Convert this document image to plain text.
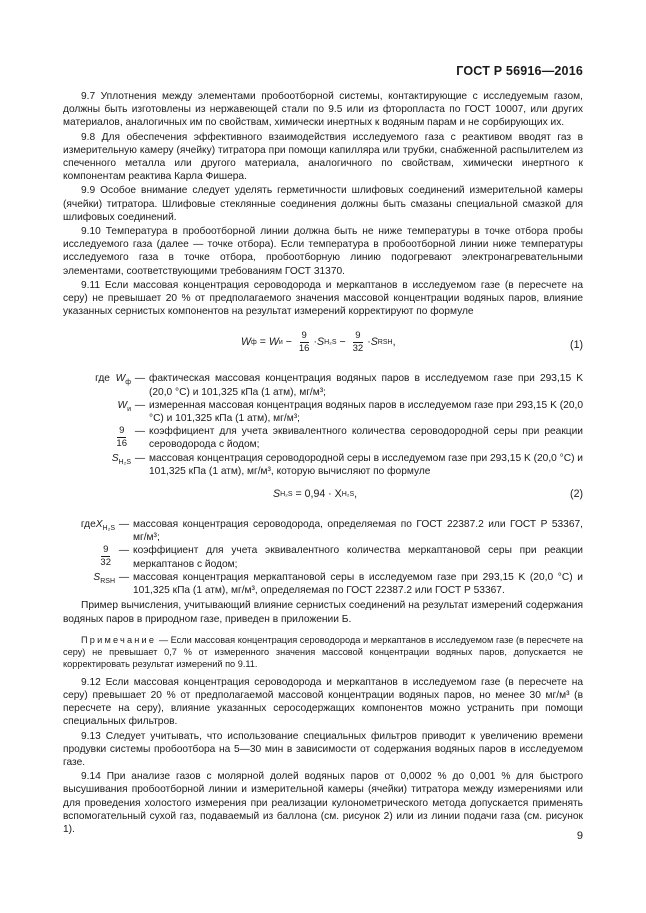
ГОСТ Р 56916—2016

9.7 Уплотнения между элементами пробоотборной системы, контактирующие с исследуемым газом, должны быть изготовлены из нержавеющей стали по 9.5 или из фторопласта по ГОСТ 10007, или других материалов, аналогичных им по свойствам, химически инертных к водяным парам и не сорбирующих их.

9.8 Для обеспечения эффективного взаимодействия исследуемого газа с реактивом вводят газ в измерительную камеру (ячейку) титратора при помощи капилляра или трубки, снабженной распылителем из спеченного металла или другого материала, аналогичного по свойствам, химически инертного к компонентам реактива Карла Фишера.

9.9 Особое внимание следует уделять герметичности шлифовых соединений измерительной камеры (ячейки) титратора. Шлифовые стеклянные соединения должны быть смазаны специальной смазкой для шлифовых соединений.

9.10 Температура в пробоотборной линии должна быть не ниже температуры в точке отбора пробы исследуемого газа (далее — точке отбора). Если температура в пробоотборной линии ниже температуры исследуемого газа в точке отбора, пробоотборную линию подогревают электронагревательными элементами, соответствующими требованиям ГОСТ 31370.

9.11 Если массовая концентрация сероводорода и меркаптанов в исследуемом газе (в пересчете на серу) не превышает 20 % от предполагаемого значения массовой концентрации водяных паров, влияние указанных сернистых компонентов на результат измерений корректируют по формуле

W ф
=
W и
−
$\frac{9}{16} \cdot S$ H₂S
−
$\frac{9}{32} \cdot S$ RSH ,	(1)
где $W_ф$ — фактическая массовая концентрация водяных паров в исследуемом газе при 293,15 K (20,0 °C) и 101,325 кПа (1 атм), мг/м³;
$W_и$ — измеренная массовая концентрация водяных паров в исследуемом газе при 293,15 K (20,0 °C) и 101,325 кПа (1 атм), мг/м³;
$\frac{9}{16}$ — коэффициент для учета эквивалентного количества сероводородной серы при реакции сероводорода с йодом;
$S_{H_2S}$ — массовая концентрация сероводородной серы в исследуемом газе при 293,15 K (20,0 °C) и 101,325 кПа (1 атм), мг/м³, которую вычисляют по формуле
S H₂S
= 0,94 · X H₂S ,	(2)
гдеX$_{H_2S}$ — массовая концентрация сероводорода, определяемая по ГОСТ 22387.2 или ГОСТ Р 53367, мг/м³;
$\frac{9}{32}$ — коэффициент для учета эквивалентного количества меркаптановой серы при реакции меркаптанов с йодом;
$S_{RSH}$ — массовая концентрация меркаптановой серы в исследуемом газе при 293,15 K (20,0 °C) и 101,325 кПа (1 атм), мг/м³, определяемая по ГОСТ 22387.2 или ГОСТ Р 53367.

Пример вычисления, учитывающий влияние сернистых соединений на результат измерений содержания водяных паров в природном газе, приведен в приложении Б.

Примечание — Если массовая концентрация сероводорода и меркаптанов в исследуемом газе (в пересчете на серу) не превышает 0,7 % от измеренного значения массовой концентрации водяных паров, допускается не корректировать результат измерений по 9.11.

9.12 Если массовая концентрация сероводорода и меркаптанов в исследуемом газе (в пересчете на серу) превышает 20 % от предполагаемой массовой концентрации водяных паров, но менее 30 мг/м³ (в пересчете на серу), влияние указанных серосодержащих компонентов можно устранить при помощи специальных фильтров.

9.13 Следует учитывать, что использование специальных фильтров приводит к увеличению времени продувки системы пробоотбора на 5—30 мин в зависимости от содержания водяных паров в исследуемом газе.

9.14 При анализе газов с молярной долей водяных паров от 0,0002 % до 0,001 % для быстрого высушивания пробоотборной линии и измерительной камеры (ячейки) титратора между измерениями или для проведения холостого измерения при реализации кулонометрического метода допускается применять вспомогательный сухой газ, подаваемый из баллона (см. рисунок 2) или из линии подачи газа (см. рисунок 1).

9
